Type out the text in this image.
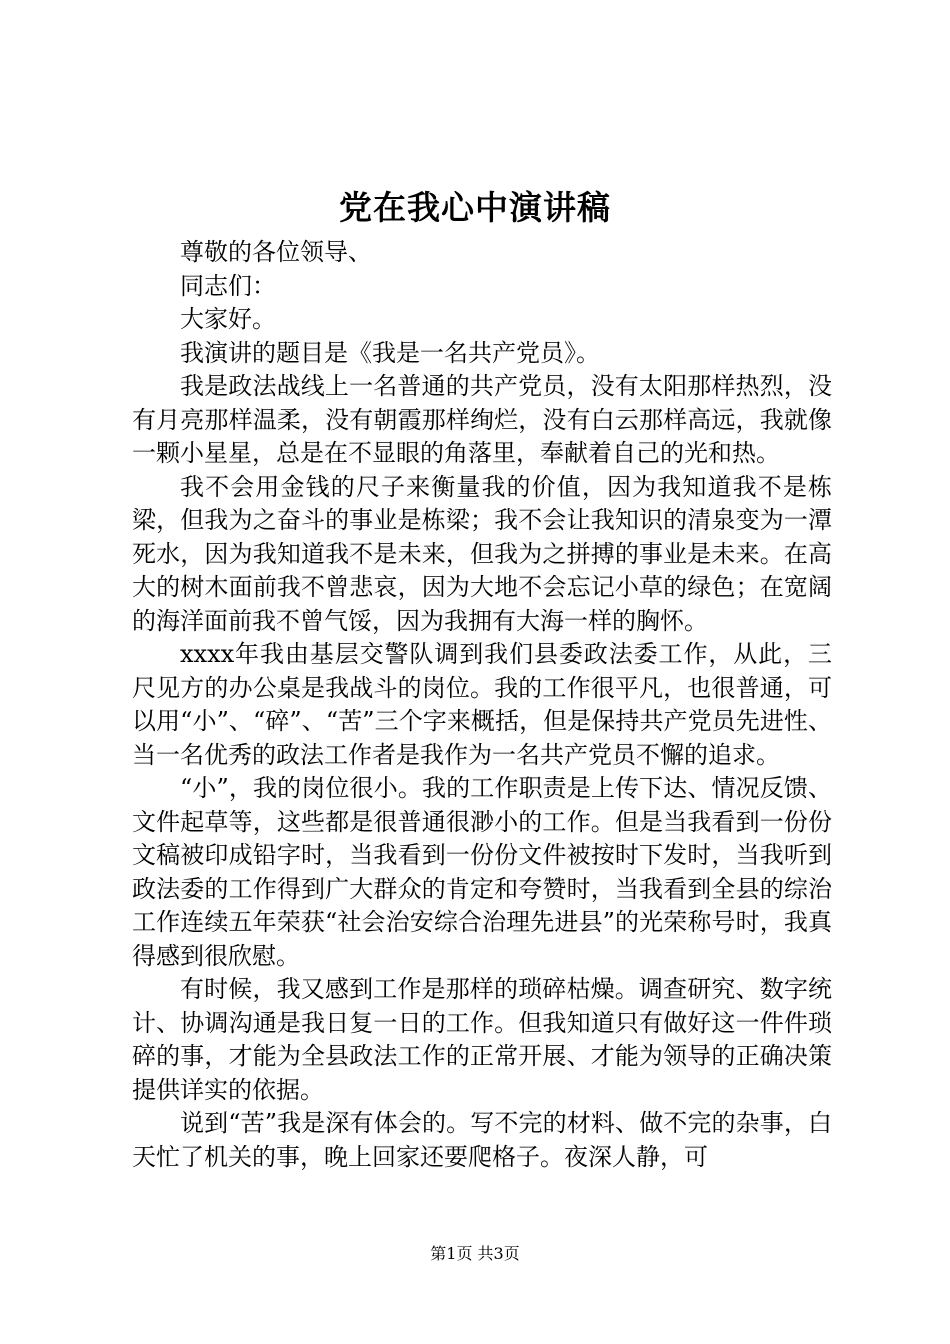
党在我心中演讲稿

尊敬的各位领导、

同志们：

大家好。

我演讲的题目是《我是一名共产党员》。

我是政法战线上一名普通的共产党员，没有太阳那样热烈，没有月亮那样温柔，没有朝霞那样绚烂，没有白云那样高远，我就像一颗小星星，总是在不显眼的角落里，奉献着自己的光和热。

我不会用金钱的尺子来衡量我的价值，因为我知道我不是栋梁，但我为之奋斗的事业是栋梁；我不会让我知识的清泉变为一潭死水，因为我知道我不是未来，但我为之拼搏的事业是未来。在高大的树木面前我不曾悲哀，因为大地不会忘记小草的绿色；在宽阔的海洋面前我不曾气馁，因为我拥有大海一样的胸怀。

xxxx年我由基层交警队调到我们县委政法委工作，从此，三尺见方的办公桌是我战斗的岗位。我的工作很平凡，也很普通，可以用“小”、“碎”、“苦”三个字来概括，但是保持共产党员先进性、当一名优秀的政法工作者是我作为一名共产党员不懈的追求。

“小”，我的岗位很小。我的工作职责是上传下达、情况反馈、文件起草等，这些都是很普通很渺小的工作。但是当我看到一份份文稿被印成铅字时，当我看到一份份文件被按时下发时，当我听到政法委的工作得到广大群众的肯定和夸赞时，当我看到全县的综治工作连续五年荣获“社会治安综合治理先进县”的光荣称号时，我真得感到很欣慰。

有时候，我又感到工作是那样的琐碎枯燥。调查研究、数字统计、协调沟通是我日复一日的工作。但我知道只有做好这一件件琐碎的事，才能为全县政法工作的正常开展、才能为领导的正确决策提供详实的依据。

说到“苦”我是深有体会的。写不完的材料、做不完的杂事，白天忙了机关的事，晚上回家还要爬格子。夜深人静，可

第1页 共3页
